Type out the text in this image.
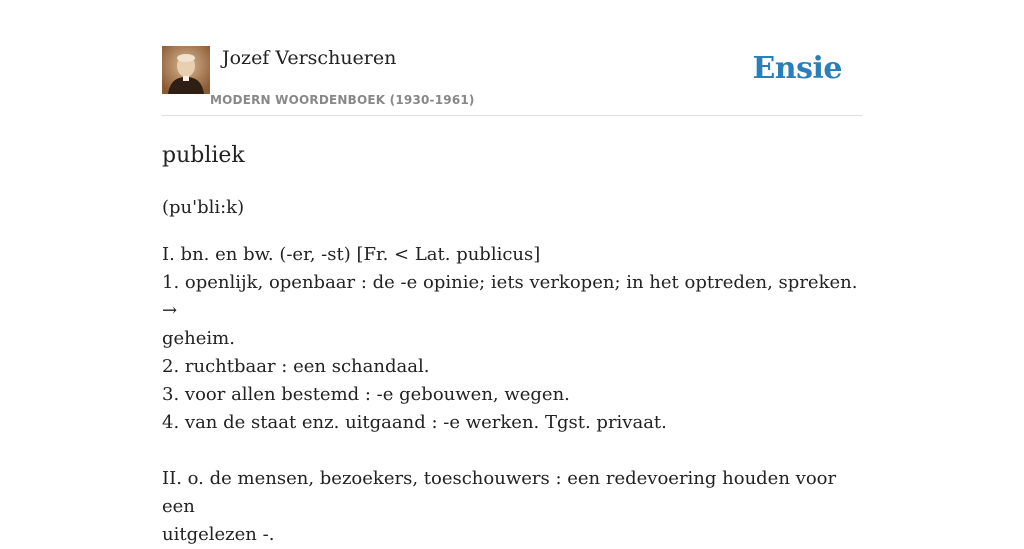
Jozef Verschueren
MODERN WOORDENBOEK (1930-1961)
Ensie
publiek
(pu'bli:k)
I. bn. en bw. (-er, -st) [Fr. < Lat. publicus]
1. openlijk, openbaar : de -e opinie; iets verkopen; in het optreden, spreken. →
geheim.
2. ruchtbaar : een schandaal.
3. voor allen bestemd : -e gebouwen, wegen.
4. van de staat enz. uitgaand : -e werken. Tgst. privaat.
II. o. de mensen, bezoekers, toeschouwers : een redevoering houden voor een
uitgelezen -.
